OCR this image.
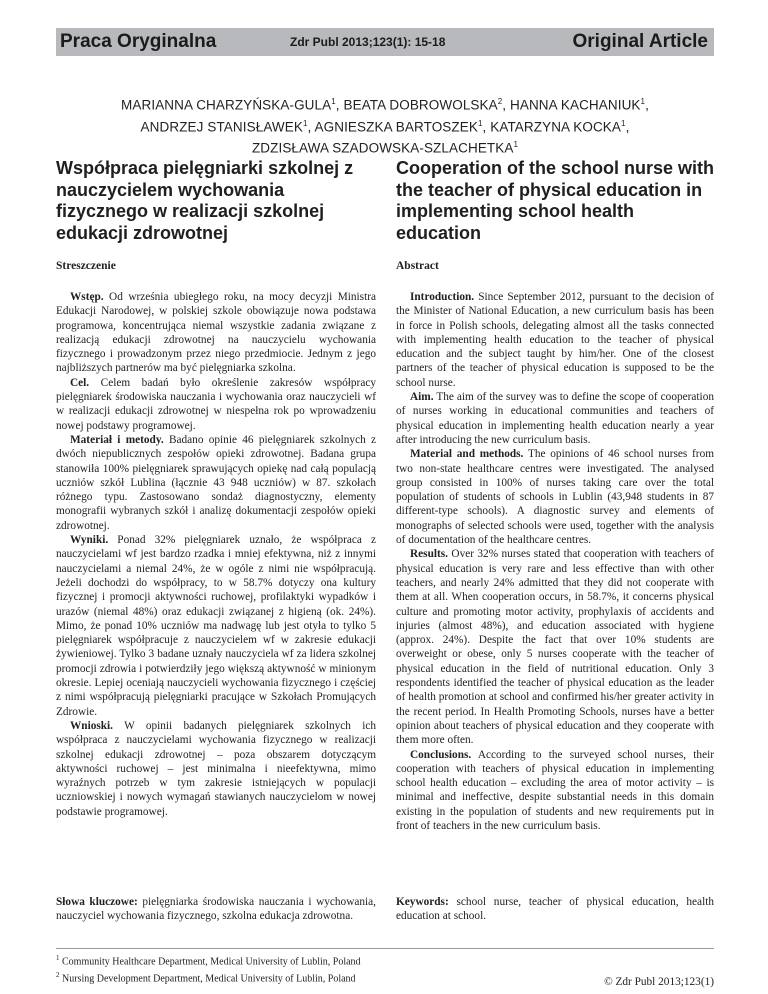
Praca Oryginalna	Zdr Publ 2013;123(1): 15-18	Original Article
MARIANNA CHARZYŃSKA-GULA$^1$, BEATA DOBROWOLSKA$^2$, HANNA KACHANIUK$^1$,
ANDRZEJ STANISŁAWEK$^1$, AGNIESZKA BARTOSZEK$^1$, KATARZYNA KOCKA$^1$,
ZDZISŁAWA SZADOWSKA-SZLACHETKA$^1$
Współpraca pielęgniarki szkolnej z nauczycielem wychowania fizycznego w realizacji szkolnej edukacji zdrowotnej
Cooperation of the school nurse with the teacher of physical education in implementing school health education
Streszczenie	Abstract

Wstęp. Od września ubiegłego roku, na mocy decyzji Ministra Edukacji Narodowej, w polskiej szkole obowiązuje nowa podstawa programowa, koncentrująca niemal wszystkie zadania związane z realizacją edukacji zdrowotnej na nauczycielu wychowania fizycznego i prowadzonym przez niego przedmiocie. Jednym z jego najbliższych partnerów ma być pielęgniarka szkolna.

Cel. Celem badań było określenie zakresów współpracy pielęgniarek środowiska nauczania i wychowania oraz nauczycieli wf w realizacji edukacji zdrowotnej w niespełna rok po wprowadzeniu nowej podstawy programowej.

Materiał i metody. Badano opinie 46 pielęgniarek szkolnych z dwóch niepublicznych zespołów opieki zdrowotnej. Badana grupa stanowiła 100% pielęgniarek sprawujących opiekę nad całą populacją uczniów szkół Lublina (łącznie 43 948 uczniów) w 87. szkołach różnego typu. Zastosowano sondaż diagnostyczny, elementy monografii wybranych szkół i analizę dokumentacji zespołów opieki zdrowotnej.

Wyniki. Ponad 32% pielęgniarek uznało, że współpraca z nauczycielami wf jest bardzo rzadka i mniej efektywna, niż z innymi nauczycielami a niemal 24%, że w ogóle z nimi nie współpracują. Jeżeli dochodzi do współpracy, to w 58.7% dotyczy ona kultury fizycznej i promocji aktywności ruchowej, profilaktyki wypadków i urazów (niemal 48%) oraz edukacji związanej z higieną (ok. 24%). Mimo, że ponad 10% uczniów ma nadwagę lub jest otyła to tylko 5 pielęgniarek współpracuje z nauczycielem wf w zakresie edukacji żywieniowej. Tylko 3 badane uznały nauczyciela wf za lidera szkolnej promocji zdrowia i potwierdziły jego większą aktywność w minionym okresie. Lepiej oceniają nauczycieli wychowania fizycznego i częściej z nimi współpracują pielęgniarki pracujące w Szkołach Promujących Zdrowie.

Wnioski. W opinii badanych pielęgniarek szkolnych ich współpraca z nauczycielami wychowania fizycznego w realizacji szkolnej edukacji zdrowotnej – poza obszarem dotyczącym aktywności ruchowej – jest minimalna i nieefektywna, mimo wyraźnych potrzeb w tym zakresie istniejących w populacji uczniowskiej i nowych wymagań stawianych nauczycielom w nowej podstawie programowej.

Introduction. Since September 2012, pursuant to the decision of the Minister of National Education, a new curriculum basis has been in force in Polish schools, delegating almost all the tasks connected with implementing health education to the teacher of physical education and the subject taught by him/her. One of the closest partners of the teacher of physical education is supposed to be the school nurse.

Aim. The aim of the survey was to define the scope of cooperation of nurses working in educational communities and teachers of physical education in implementing health education nearly a year after introducing the new curriculum basis.

Material and methods. The opinions of 46 school nurses from two non-state healthcare centres were investigated. The analysed group consisted in 100% of nurses taking care over the total population of students of schools in Lublin (43,948 students in 87 different-type schools). A diagnostic survey and elements of monographs of selected schools were used, together with the analysis of documentation of the healthcare centres.

Results. Over 32% nurses stated that cooperation with teachers of physical education is very rare and less effective than with other teachers, and nearly 24% admitted that they did not cooperate with them at all. When cooperation occurs, in 58.7%, it concerns physical culture and promoting motor activity, prophylaxis of accidents and injuries (almost 48%), and education associated with hygiene (approx. 24%). Despite the fact that over 10% students are overweight or obese, only 5 nurses cooperate with the teacher of physical education in the field of nutritional education. Only 3 respondents identified the teacher of physical education as the leader of health promotion at school and confirmed his/her greater activity in the recent period. In Health Promoting Schools, nurses have a better opinion about teachers of physical education and they cooperate with them more often.

Conclusions. According to the surveyed school nurses, their cooperation with teachers of physical education in implementing school health education – excluding the area of motor activity – is minimal and ineffective, despite substantial needs in this domain existing in the population of students and new requirements put in front of teachers in the new curriculum basis.

Słowa kluczowe: pielęgniarka środowiska nauczania i wychowania, nauczyciel wychowania fizycznego, szkolna edukacja zdrowotna.

Keywords: school nurse, teacher of physical education, health education at school.

$^1$ Community Healthcare Department, Medical University of Lublin, Poland
$^2$ Nursing Development Department, Medical University of Lublin, Poland	© Zdr Publ 2013;123(1)
